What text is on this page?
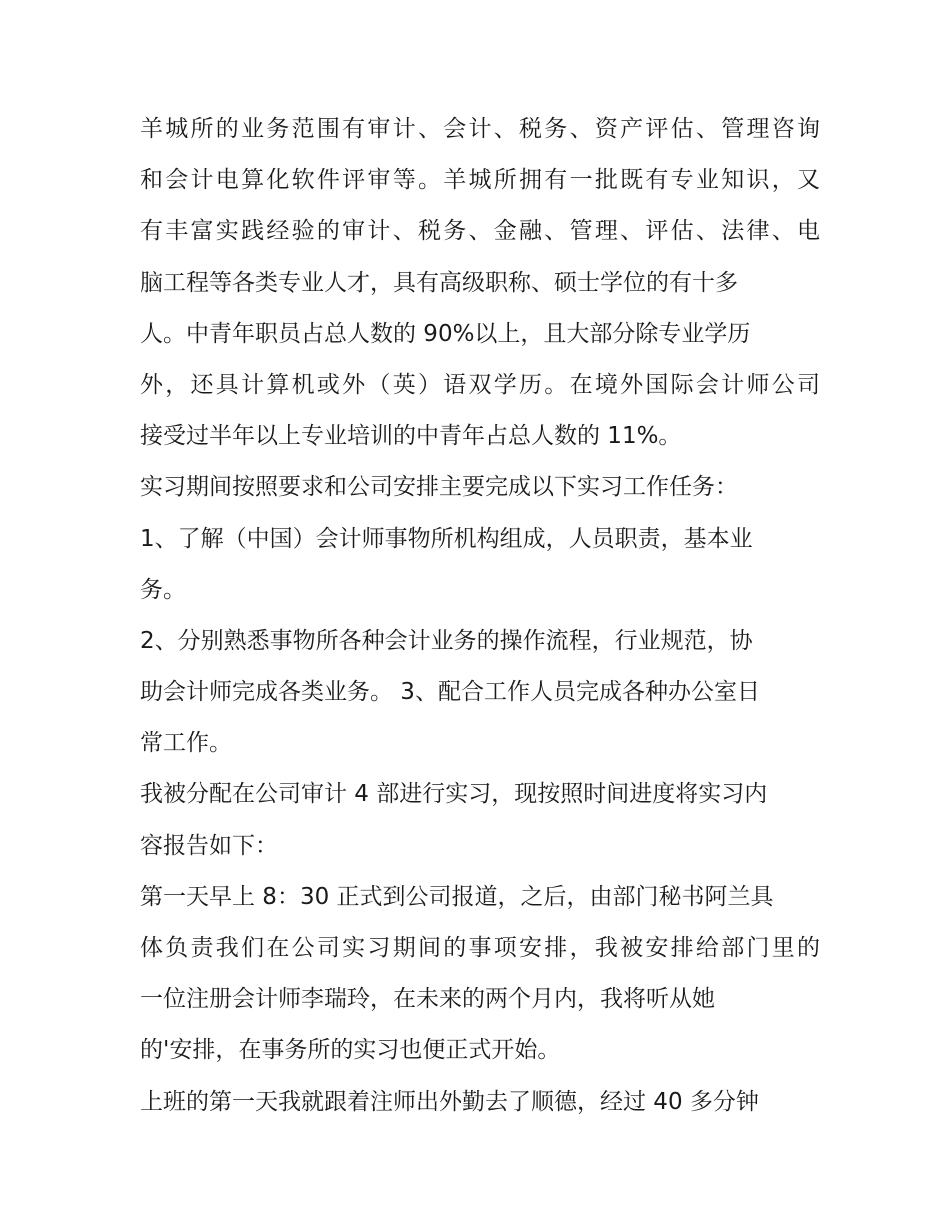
羊城所的业务范围有审计、会计、税务、资产评估、管理咨询
和会计电算化软件评审等。羊城所拥有一批既有专业知识，又
有丰富实践经验的审计、税务、金融、管理、评估、法律、电
脑工程等各类专业人才，具有高级职称、硕士学位的有十多
人。中青年职员占总人数的 90%以上，且大部分除专业学历
外，还具计算机或外（英）语双学历。在境外国际会计师公司
接受过半年以上专业培训的中青年占总人数的 11%。
实习期间按照要求和公司安排主要完成以下实习工作任务：
1、了解（中国）会计师事物所机构组成，人员职责，基本业
务。
2、分别熟悉事物所各种会计业务的操作流程，行业规范，协
助会计师完成各类业务。 3、配合工作人员完成各种办公室日
常工作。
我被分配在公司审计 4 部进行实习，现按照时间进度将实习内
容报告如下：
第一天早上 8：30 正式到公司报道，之后，由部门秘书阿兰具
体负责我们在公司实习期间的事项安排，我被安排给部门里的
一位注册会计师李瑞玲，在未来的两个月内，我将听从她
的'安排，在事务所的实习也便正式开始。
上班的第一天我就跟着注师出外勤去了顺德，经过 40 多分钟
